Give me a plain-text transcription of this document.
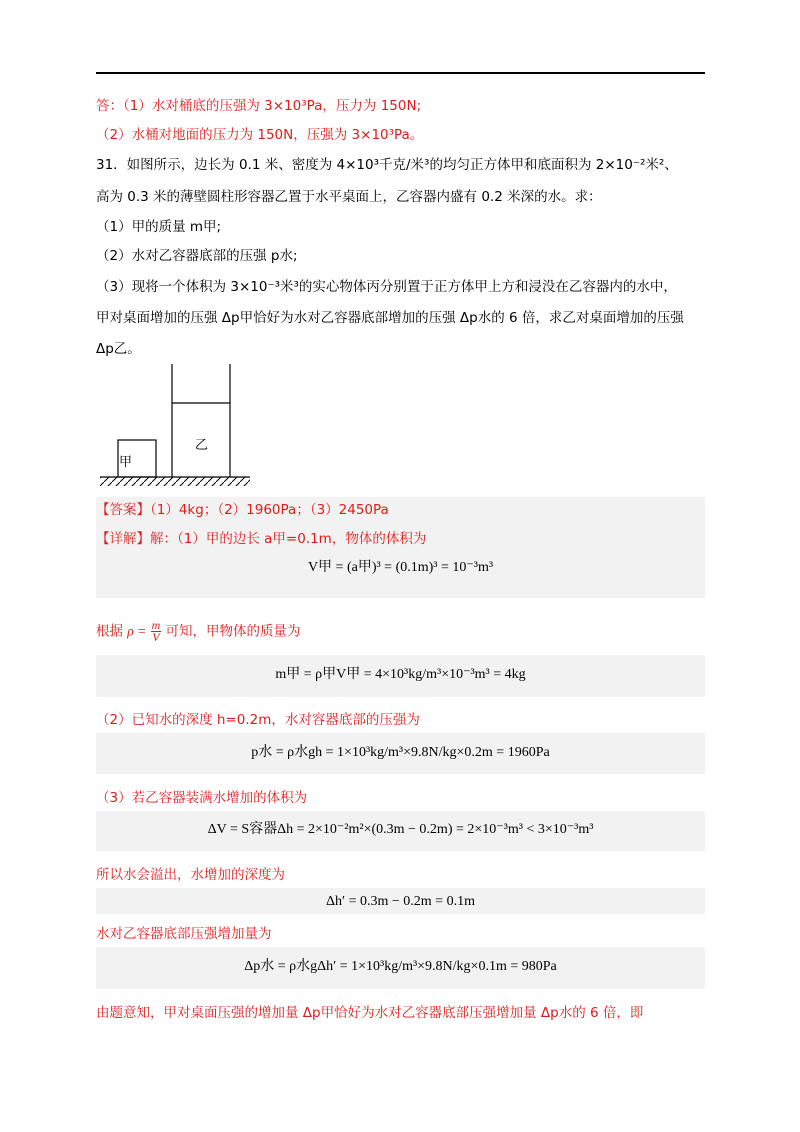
答：（1）水对桶底的压强为 3×10³Pa，压力为 150N;
（2）水桶对地面的压力为 150N，压强为 3×10³Pa。
31．如图所示，边长为 0.1 米、密度为 4×10³千克/米³的均匀正方体甲和底面积为 2×10⁻²米²、
高为 0.3 米的薄壁圆柱形容器乙置于水平桌面上，乙容器内盛有 0.2 米深的水。求：
（1）甲的质量 m甲;
（2）水对乙容器底部的压强 p水;
（3）现将一个体积为 3×10⁻³米³的实心物体丙分别置于正方体甲上方和浸没在乙容器内的水中，
甲对桌面增加的压强 Δp甲恰好为水对乙容器底部增加的压强 Δp水的 6 倍，求乙对桌面增加的压强
Δp乙。
甲
乙
【答案】（1）4kg；（2）1960Pa；（3）2450Pa
【详解】解：（1）甲的边长 a甲=0.1m，物体的体积为
V甲 = (a甲)³ = (0.1m)³ = 10⁻³m³
根据 $\rho = \frac{m}{V}$ 可知，甲物体的质量为
m甲 = ρ甲V甲 = 4×10³kg/m³×10⁻³m³ = 4kg
（2）已知水的深度 h=0.2m，水对容器底部的压强为
p水 = ρ水gh = 1×10³kg/m³×9.8N/kg×0.2m = 1960Pa
（3）若乙容器装满水增加的体积为
ΔV = S容器Δh = 2×10⁻²m²×(0.3m − 0.2m) = 2×10⁻³m³ < 3×10⁻³m³
所以水会溢出，水增加的深度为
Δh′ = 0.3m − 0.2m = 0.1m
水对乙容器底部压强增加量为
Δp水 = ρ水gΔh′ = 1×10³kg/m³×9.8N/kg×0.1m = 980Pa
由题意知，甲对桌面压强的增加量 Δp甲恰好为水对乙容器底部压强增加量 Δp水的 6 倍，即
